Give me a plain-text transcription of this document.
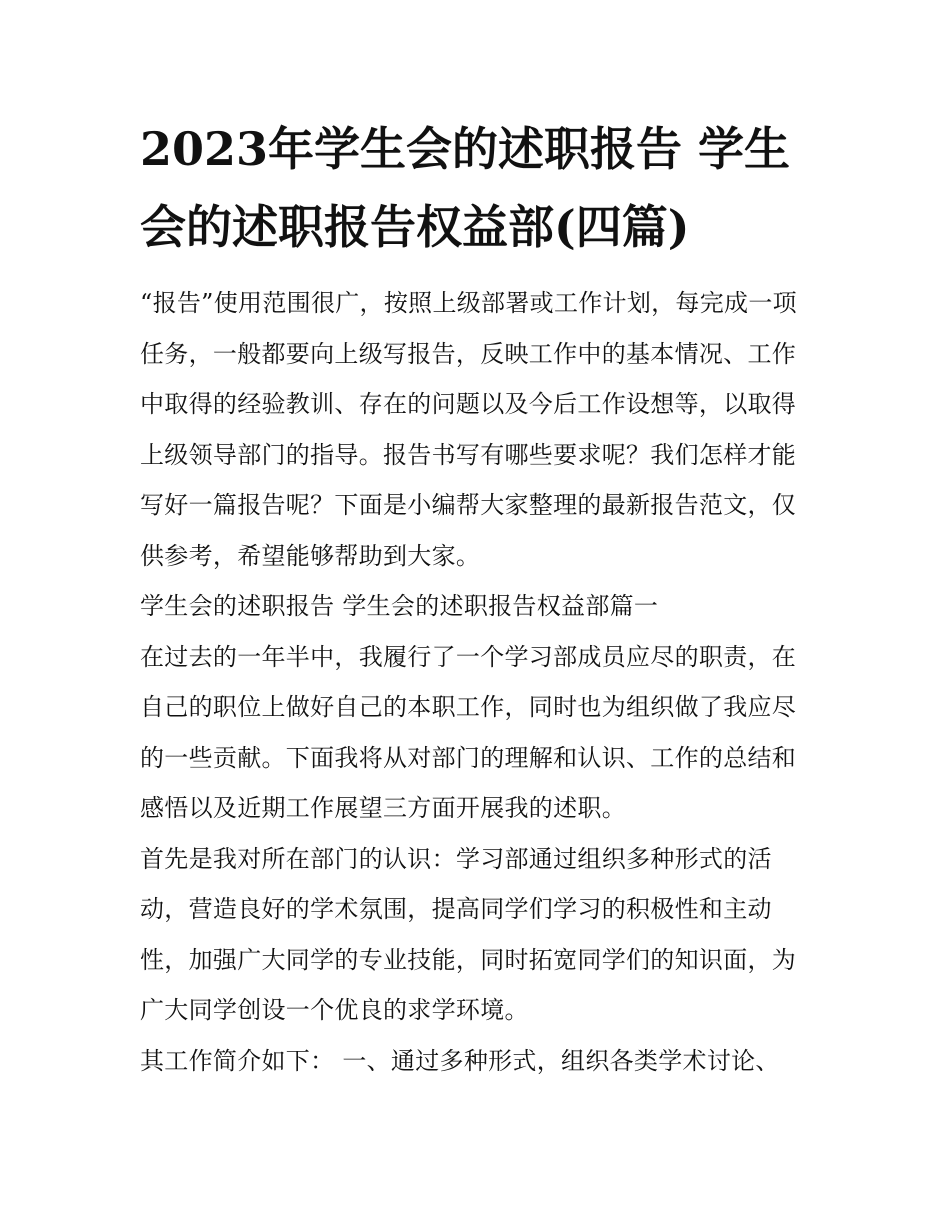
2023年学生会的述职报告 学生会的述职报告权益部(四篇)

“报告”使用范围很广，按照上级部署或工作计划，每完成一项任务，一般都要向上级写报告，反映工作中的基本情况、工作中取得的经验教训、存在的问题以及今后工作设想等，以取得上级领导部门的指导。报告书写有哪些要求呢？我们怎样才能写好一篇报告呢？下面是小编帮大家整理的最新报告范文，仅供参考，希望能够帮助到大家。

学生会的述职报告 学生会的述职报告权益部篇一

在过去的一年半中，我履行了一个学习部成员应尽的职责，在自己的职位上做好自己的本职工作，同时也为组织做了我应尽的一些贡献。下面我将从对部门的理解和认识、工作的总结和感悟以及近期工作展望三方面开展我的述职。

首先是我对所在部门的认识：学习部通过组织多种形式的活动，营造良好的学术氛围，提高同学们学习的积极性和主动性，加强广大同学的专业技能，同时拓宽同学们的知识面，为广大同学创设一个优良的求学环境。

其工作简介如下： 一、通过多种形式，组织各类学术讨论、
